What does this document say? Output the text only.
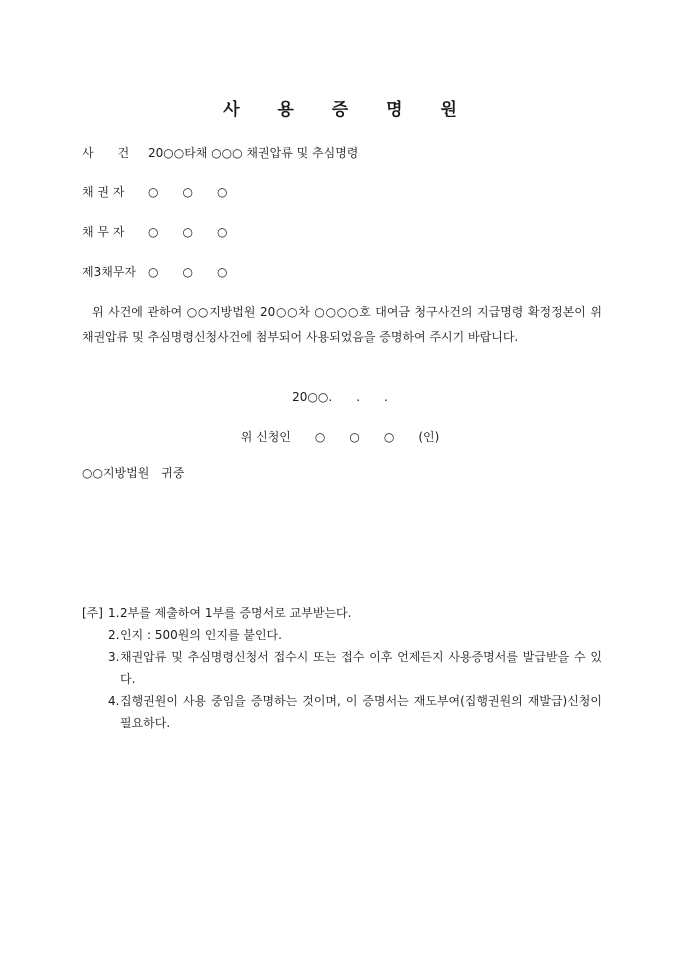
사 용 증 명 원
사　　건 20○○타채 ○○○ 채권압류 및 추심명령
채 권 자 ○　　○　　○
채 무 자 ○　　○　　○
제3채무자 ○　　○　　○
위 사건에 관하여 ○○지방법원 20○○차 ○○○○호 대여금 청구사건의 지급명령 확정정본이 위 채권압류 및 추심명령신청사건에 첨부되어 사용되었음을 증명하여 주시기 바랍니다.
20○○.　　.　　.
위 신청인　　○　　○　　○　　(인)
○○지방법원　귀중
[주] 1. 2부를 제출하여 1부를 증명서로 교부받는다.
2. 인지 : 500원의 인지를 붙인다.
3. 채권압류 및 추심명령신청서 접수시 또는 접수 이후 언제든지 사용증명서를 발급받을 수 있다.
4. 집행권원이 사용 중임을 증명하는 것이며, 이 증명서는 재도부여(집행권원의 재발급)신청이 필요하다.
